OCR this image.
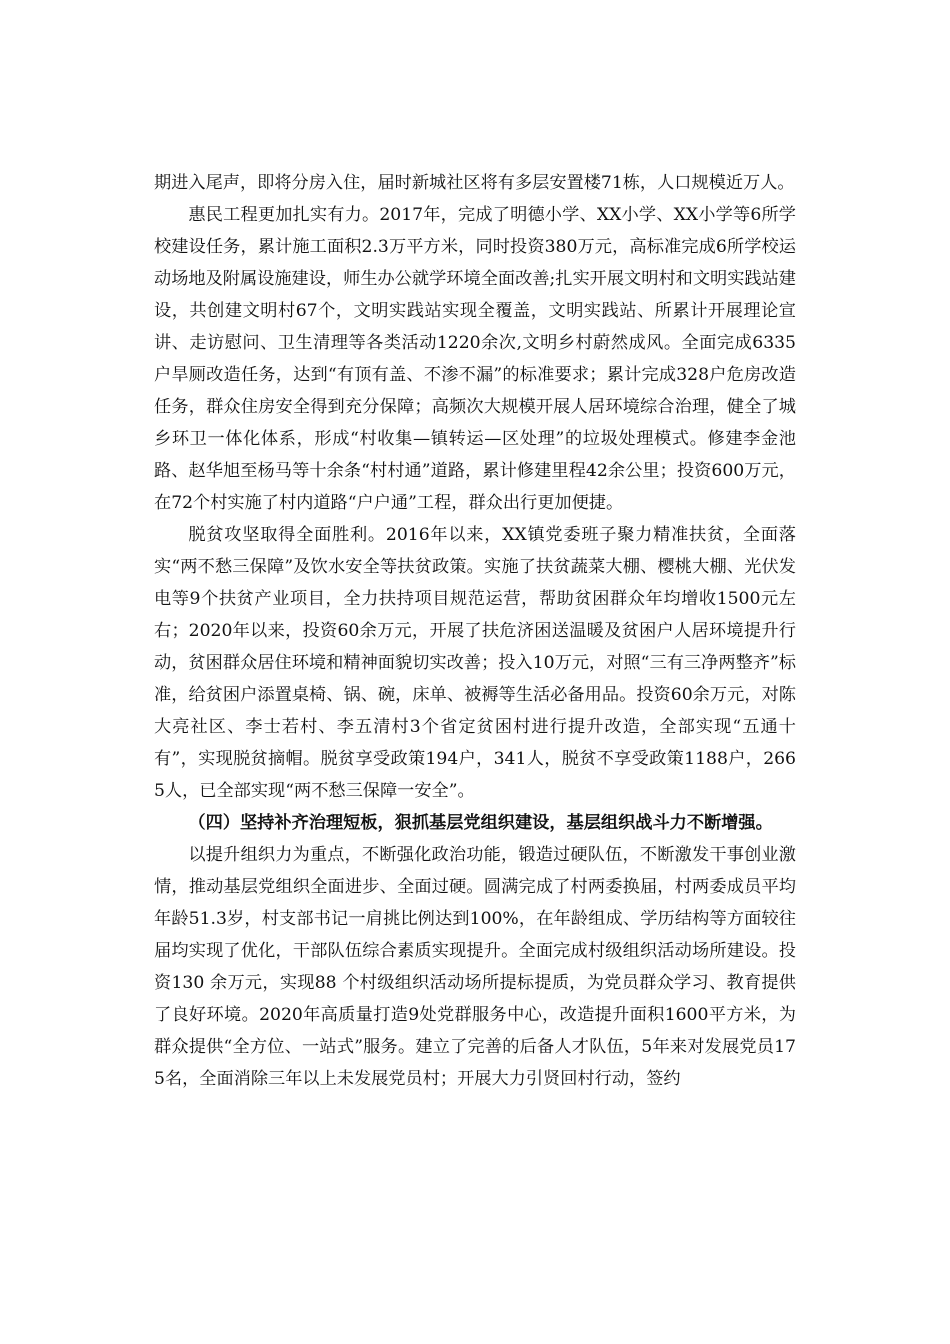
期进入尾声，即将分房入住，届时新城社区将有多层安置楼71栋，人口规模近万人。

惠民工程更加扎实有力。2017年，完成了明德小学、XX小学、XX小学等6所学校建设任务，累计施工面积2.3万平方米，同时投资380万元，高标准完成6所学校运动场地及附属设施建设，师生办公就学环境全面改善;扎实开展文明村和文明实践站建设，共创建文明村67个，文明实践站实现全覆盖，文明实践站、所累计开展理论宣讲、走访慰问、卫生清理等各类活动1220余次,文明乡村蔚然成风。全面完成6335户旱厕改造任务，达到“有顶有盖、不渗不漏”的标准要求；累计完成328户危房改造任务，群众住房安全得到充分保障；高频次大规模开展人居环境综合治理，健全了城乡环卫一体化体系，形成“村收集—镇转运—区处理”的垃圾处理模式。修建李金池路、赵华旭至杨马等十余条“村村通”道路，累计修建里程42余公里；投资600万元，在72个村实施了村内道路“户户通”工程，群众出行更加便捷。

脱贫攻坚取得全面胜利。2016年以来，XX镇党委班子聚力精准扶贫，全面落实“两不愁三保障”及饮水安全等扶贫政策。实施了扶贫蔬菜大棚、樱桃大棚、光伏发电等9个扶贫产业项目，全力扶持项目规范运营，帮助贫困群众年均增收1500元左右；2020年以来，投资60余万元，开展了扶危济困送温暖及贫困户人居环境提升行动，贫困群众居住环境和精神面貌切实改善；投入10万元，对照“三有三净两整齐”标准，给贫困户添置桌椅、锅、碗，床单、被褥等生活必备用品。投资60余万元，对陈大亮社区、李士若村、李五清村3个省定贫困村进行提升改造，全部实现“五通十有”，实现脱贫摘帽。脱贫享受政策194户，341人，脱贫不享受政策1188户，2665人，已全部实现“两不愁三保障一安全”。

（四）坚持补齐治理短板，狠抓基层党组织建设，基层组织战斗力不断增强。

以提升组织力为重点，不断强化政治功能，锻造过硬队伍，不断激发干事创业激情，推动基层党组织全面进步、全面过硬。圆满完成了村两委换届，村两委成员平均年龄51.3岁，村支部书记一肩挑比例达到100%，在年龄组成、学历结构等方面较往届均实现了优化，干部队伍综合素质实现提升。全面完成村级组织活动场所建设。投资130 余万元，实现88 个村级组织活动场所提标提质，为党员群众学习、教育提供了良好环境。2020年高质量打造9处党群服务中心，改造提升面积1600平方米，为群众提供“全方位、一站式”服务。建立了完善的后备人才队伍，5年来对发展党员175名，全面消除三年以上未发展党员村；开展大力引贤回村行动，签约
